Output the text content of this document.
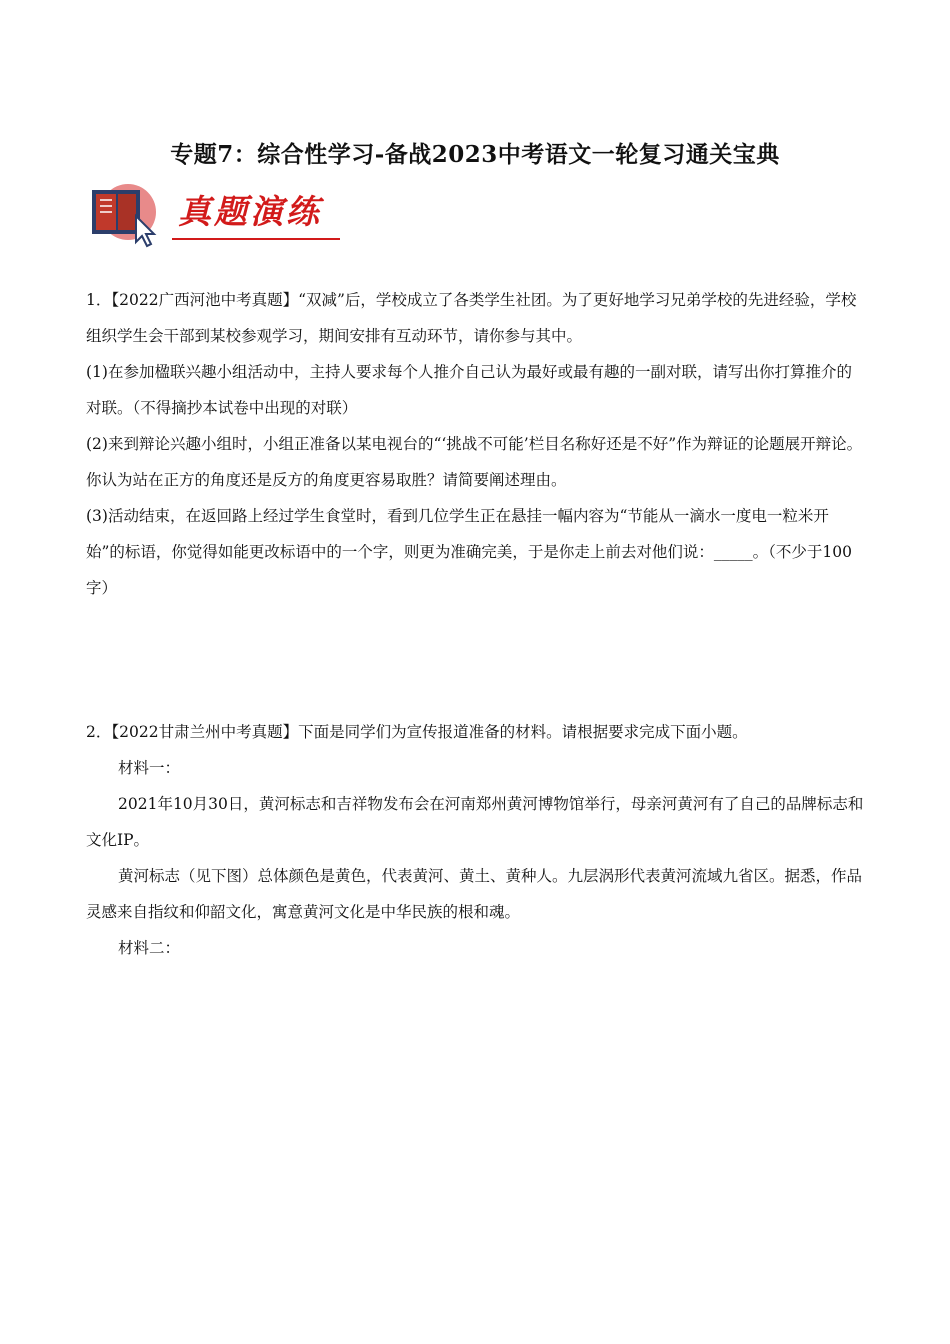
专题7：综合性学习-备战2023中考语文一轮复习通关宝典
真题演练

1．【2022广西河池中考真题】“双减”后，学校成立了各类学生社团。为了更好地学习兄弟学校的先进经验，学校组织学生会干部到某校参观学习，期间安排有互动环节，请你参与其中。

(1)在参加楹联兴趣小组活动中，主持人要求每个人推介自己认为最好或最有趣的一副对联，请写出你打算推介的对联。（不得摘抄本试卷中出现的对联）

(2)来到辩论兴趣小组时，小组正准备以某电视台的“‘挑战不可能’栏目名称好还是不好”作为辩证的论题展开辩论。你认为站在正方的角度还是反方的角度更容易取胜？请简要阐述理由。

(3)活动结束，在返回路上经过学生食堂时，看到几位学生正在悬挂一幅内容为“节能从一滴水一度电一粒米开始”的标语，你觉得如能更改标语中的一个字，则更为准确完美，于是你走上前去对他们说：_____。（不少于100字）

2．【2022甘肃兰州中考真题】下面是同学们为宣传报道准备的材料。请根据要求完成下面小题。

材料一：

2021年10月30日，黄河标志和吉祥物发布会在河南郑州黄河博物馆举行，母亲河黄河有了自己的品牌标志和文化IP。

黄河标志（见下图）总体颜色是黄色，代表黄河、黄土、黄种人。九层涡形代表黄河流域九省区。据悉，作品灵感来自指纹和仰韶文化，寓意黄河文化是中华民族的根和魂。

材料二：
